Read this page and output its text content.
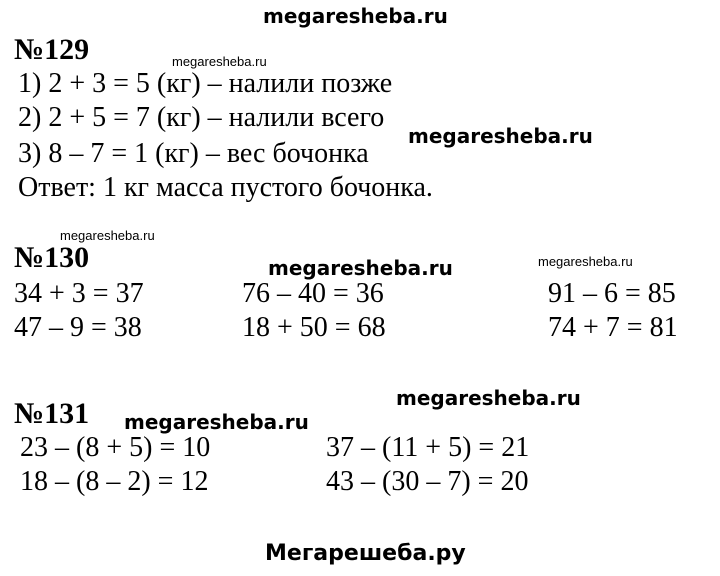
megaresheba.ru
№129	megaresheba.ru
1) 2 + 3 = 5 (кг) – налили позже
2) 2 + 5 = 7 (кг) – налили всего
megaresheba.ru
3) 8 – 7 = 1 (кг) – вес бочонка
Ответ: 1 кг масса пустого бочонка.
megaresheba.ru
№130	megaresheba.ru	megaresheba.ru
34 + 3 = 37	76 – 40 = 36	91 – 6 = 85
47 – 9 = 38	18 + 50 = 68	74 + 7 = 81
megaresheba.ru
№131 megaresheba.ru
23 – (8 + 5) = 10	37 – (11 + 5) = 21
18 – (8 – 2) = 12	43 – (30 – 7) = 20
Мегарешеба.ру
